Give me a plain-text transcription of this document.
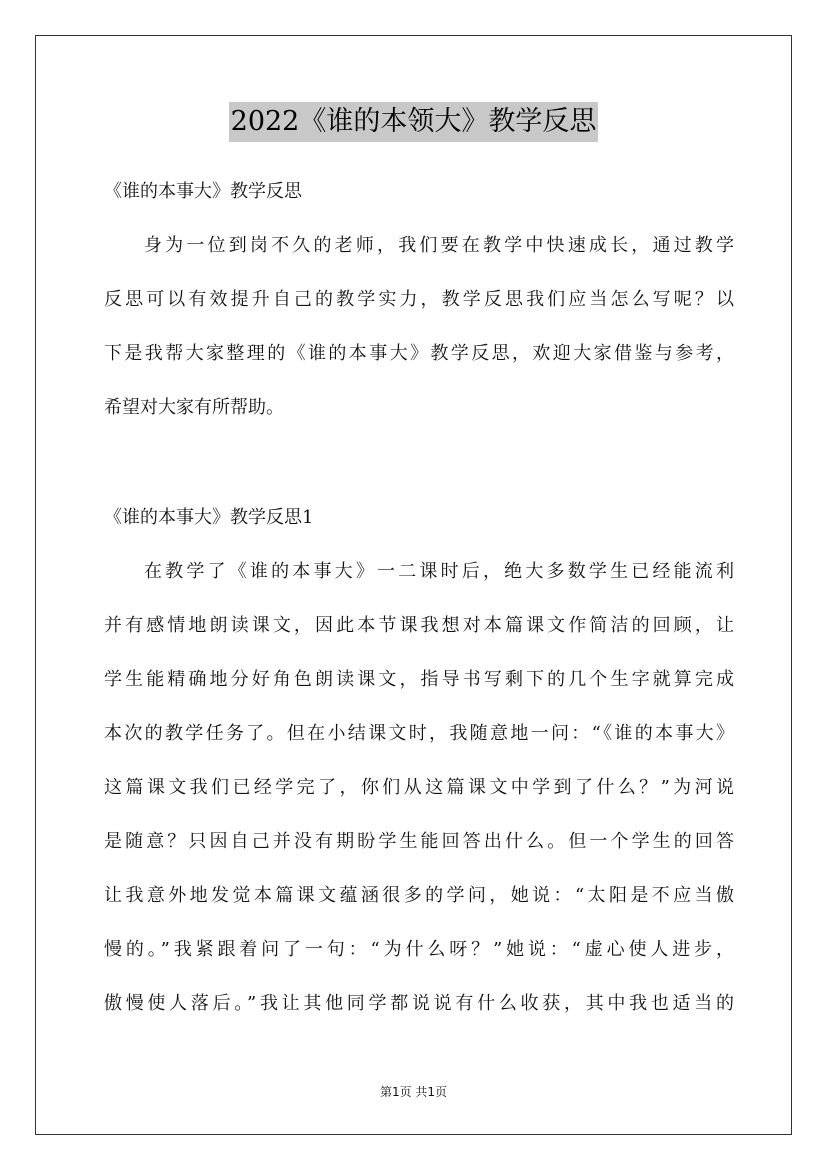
2022《谁的本领大》教学反思
《谁的本事大》教学反思
身为一位到岗不久的老师，我们要在教学中快速成长，通过教学
反思可以有效提升自己的教学实力，教学反思我们应当怎么写呢？以
下是我帮大家整理的《谁的本事大》教学反思，欢迎大家借鉴与参考，
希望对大家有所帮助。
《谁的本事大》教学反思1
在教学了《谁的本事大》一二课时后，绝大多数学生已经能流利
并有感情地朗读课文，因此本节课我想对本篇课文作简洁的回顾，让
学生能精确地分好角色朗读课文，指导书写剩下的几个生字就算完成
本次的教学任务了。但在小结课文时，我随意地一问：“《谁的本事大》
这篇课文我们已经学完了，你们从这篇课文中学到了什么？”为河说
是随意？只因自己并没有期盼学生能回答出什么。但一个学生的回答
让我意外地发觉本篇课文蕴涵很多的学问，她说：“太阳是不应当傲
慢的。”我紧跟着问了一句：“为什么呀？”她说：“虚心使人进步，
傲慢使人落后。”我让其他同学都说说有什么收获，其中我也适当的
第1页 共1页
